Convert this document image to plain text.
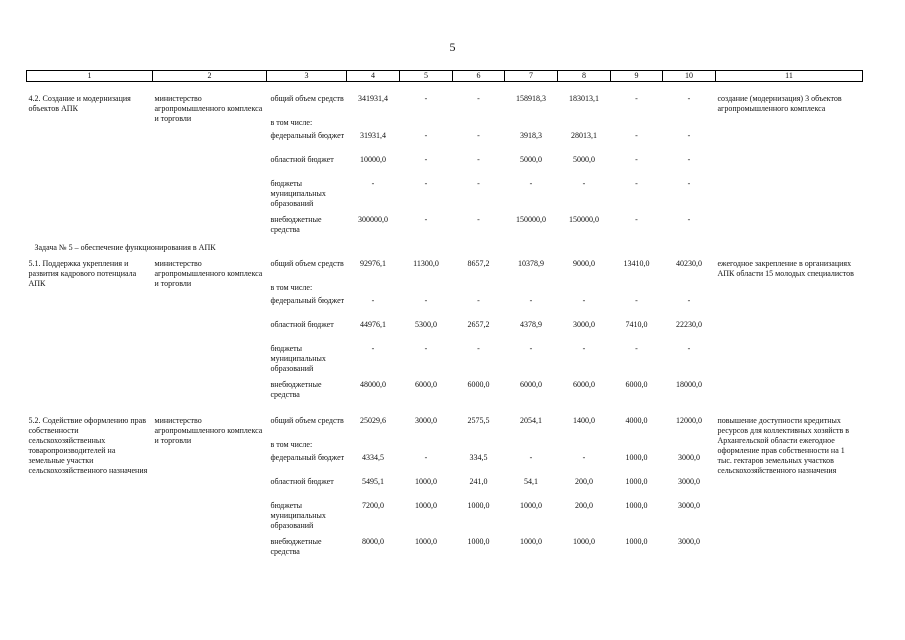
5
1	2	3	4	5	6	7	8	9	10	11

4.2. Создание и модернизация объектов АПК	министерство агропромышленного комплекса и торговли	общий объем средств	341931,4	-	-	158918,3	183013,1	-	-	создание (модернизация) 3 объектов агропромышленного комплекса
		в том числе:								
		федеральный бюджет	31931,4	-	-	3918,3	28013,1	-	-	
		областной бюджет	10000,0	-	-	5000,0	5000,0	-	-	
		бюджеты муниципальных образований	-	-	-	-	-	-	-	
		внебюджетные средства	300000,0	-	-	150000,0	150000,0	-	-	
Задача № 5 – обеспечение функционирования в АПК										
5.1. Поддержка укрепления и развития кадрового потенциала АПК	министерство агропромышленного комплекса и торговли	общий объем средств	92976,1	11300,0	8657,2	10378,9	9000,0	13410,0	40230,0	ежегодное закрепление в организациях АПК области 15 молодых специалистов
		в том числе:								
		федеральный бюджет	-	-	-	-	-	-	-	
		областной бюджет	44976,1	5300,0	2657,2	4378,9	3000,0	7410,0	22230,0	
		бюджеты муниципальных образований	-	-	-	-	-	-	-	
		внебюджетные средства	48000,0	6000,0	6000,0	6000,0	6000,0	6000,0	18000,0	

5.2. Содействие оформлению прав собственности сельскохозяйственных товаропроизводителей на земельные участки сельскохозяйственного назначения	министерство агропромышленного комплекса и торговли	общий объем средств	25029,6	3000,0	2575,5	2054,1	1400,0	4000,0	12000,0	повышение доступности кредитных ресурсов для коллективных хозяйств в Архангельской области ежегодное оформление прав собственности на 1 тыс. гектаров земельных участков сельскохозяйственного назначения
		в том числе:								
		федеральный бюджет	4334,5	-	334,5	-	-	1000,0	3000,0	
		областной бюджет	5495,1	1000,0	241,0	54,1	200,0	1000,0	3000,0	
		бюджеты муниципальных образований	7200,0	1000,0	1000,0	1000,0	200,0	1000,0	3000,0	
		внебюджетные средства	8000,0	1000,0	1000,0	1000,0	1000,0	1000,0	3000,0	
